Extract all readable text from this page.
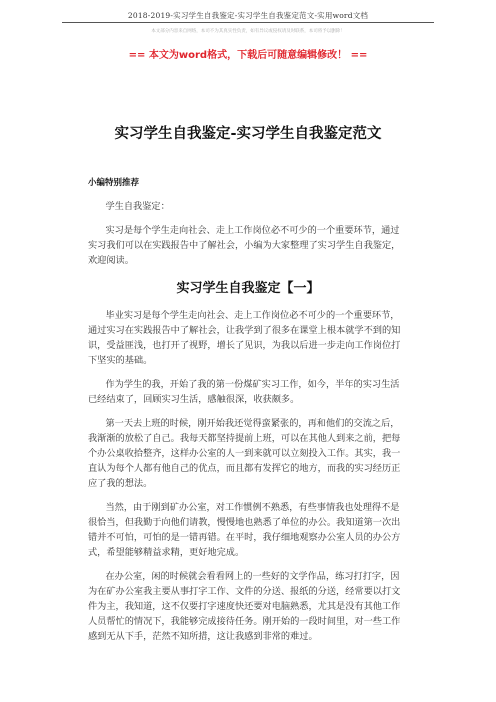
2018-2019-实习学生自我鉴定-实习学生自我鉴定范文-实用word文档
本文部分内容来自网络，本司不为其真实性负责，如有异议或侵权请及时联系，本司将予以删除！
== 本文为word格式，下载后可随意编辑修改！ ==
实习学生自我鉴定-实习学生自我鉴定范文

小编特别推荐

学生自我鉴定：

实习是每个学生走向社会、走上工作岗位必不可少的一个重要环节，通过实习我们可以在实践报告中了解社会，小编为大家整理了实习学生自我鉴定，欢迎阅读。

实习学生自我鉴定【一】

毕业实习是每个学生走向社会、走上工作岗位必不可少的一个重要环节，通过实习在实践报告中了解社会，让我学到了很多在课堂上根本就学不到的知识，受益匪浅，也打开了视野，增长了见识，为我以后进一步走向工作岗位打下坚实的基础。

作为学生的我，开始了我的第一份煤矿实习工作，如今，半年的实习生活已经结束了，回顾实习生活，感触很深，收获颇多。

第一天去上班的时候，刚开始我还觉得蛮紧张的，再和他们的交流之后，我渐渐的放松了自己。我每天都坚持提前上班，可以在其他人到来之前，把每个办公桌收拾整齐，这样办公室的人一到来就可以立刻投入工作。其实，我一直认为每个人都有他自己的优点，而且都有发挥它的地方，而我的实习经历正应了我的想法。

当然，由于刚到矿办公室，对工作惯例不熟悉，有些事情我也处理得不是很恰当，但我勤于向他们请教，慢慢地也熟悉了单位的办公。我知道第一次出错并不可怕，可怕的是一错再错。在平时，我仔细地观察办公室人员的办公方式，希望能够精益求精，更好地完成。

在办公室，闲的时候就会看看网上的一些好的文学作品，练习打打字，因为在矿办公室我主要从事打字工作、文件的分送、报纸的分送，经常要以打文件为主，我知道，这不仅要打字速度快还要对电脑熟悉，尤其是没有其他工作人员帮忙的情况下，我能够完成接待任务。刚开始的一段时间里，对一些工作感到无从下手，茫然不知所措，这让我感到非常的难过。
